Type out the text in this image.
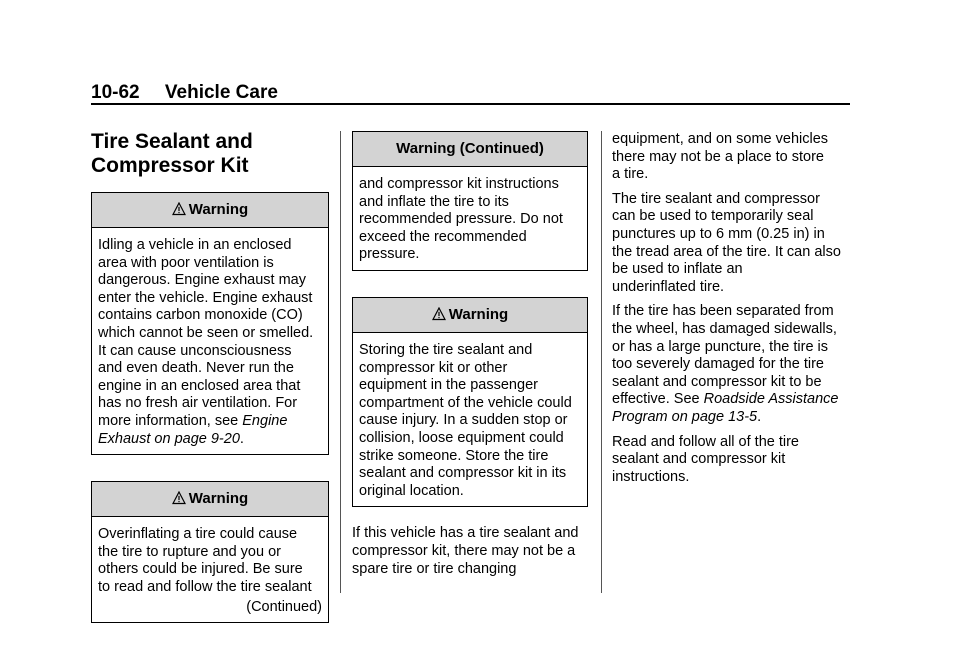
10-62 Vehicle Care
Tire Sealant and
Compressor Kit
Warning
Idling a vehicle in an enclosed
area with poor ventilation is
dangerous. Engine exhaust may
enter the vehicle. Engine exhaust
contains carbon monoxide (CO)
which cannot be seen or smelled.
It can cause unconsciousness
and even death. Never run the
engine in an enclosed area that
has no fresh air ventilation. For
more information, see Engine
Exhaust on page 9-20.
Warning
Overinflating a tire could cause
the tire to rupture and you or
others could be injured. Be sure
to read and follow the tire sealant
(Continued)
Warning (Continued)
and compressor kit instructions
and inflate the tire to its
recommended pressure. Do not
exceed the recommended
pressure.
Warning
Storing the tire sealant and
compressor kit or other
equipment in the passenger
compartment of the vehicle could
cause injury. In a sudden stop or
collision, loose equipment could
strike someone. Store the tire
sealant and compressor kit in its
original location.

If this vehicle has a tire sealant and
compressor kit, there may not be a
spare tire or tire changing

equipment, and on some vehicles
there may not be a place to store
a tire.

The tire sealant and compressor
can be used to temporarily seal
punctures up to 6 mm (0.25 in) in
the tread area of the tire. It can also
be used to inflate an
underinflated tire.

If the tire has been separated from
the wheel, has damaged sidewalls,
or has a large puncture, the tire is
too severely damaged for the tire
sealant and compressor kit to be
effective. See Roadside Assistance
Program on page 13-5.

Read and follow all of the tire
sealant and compressor kit
instructions.
